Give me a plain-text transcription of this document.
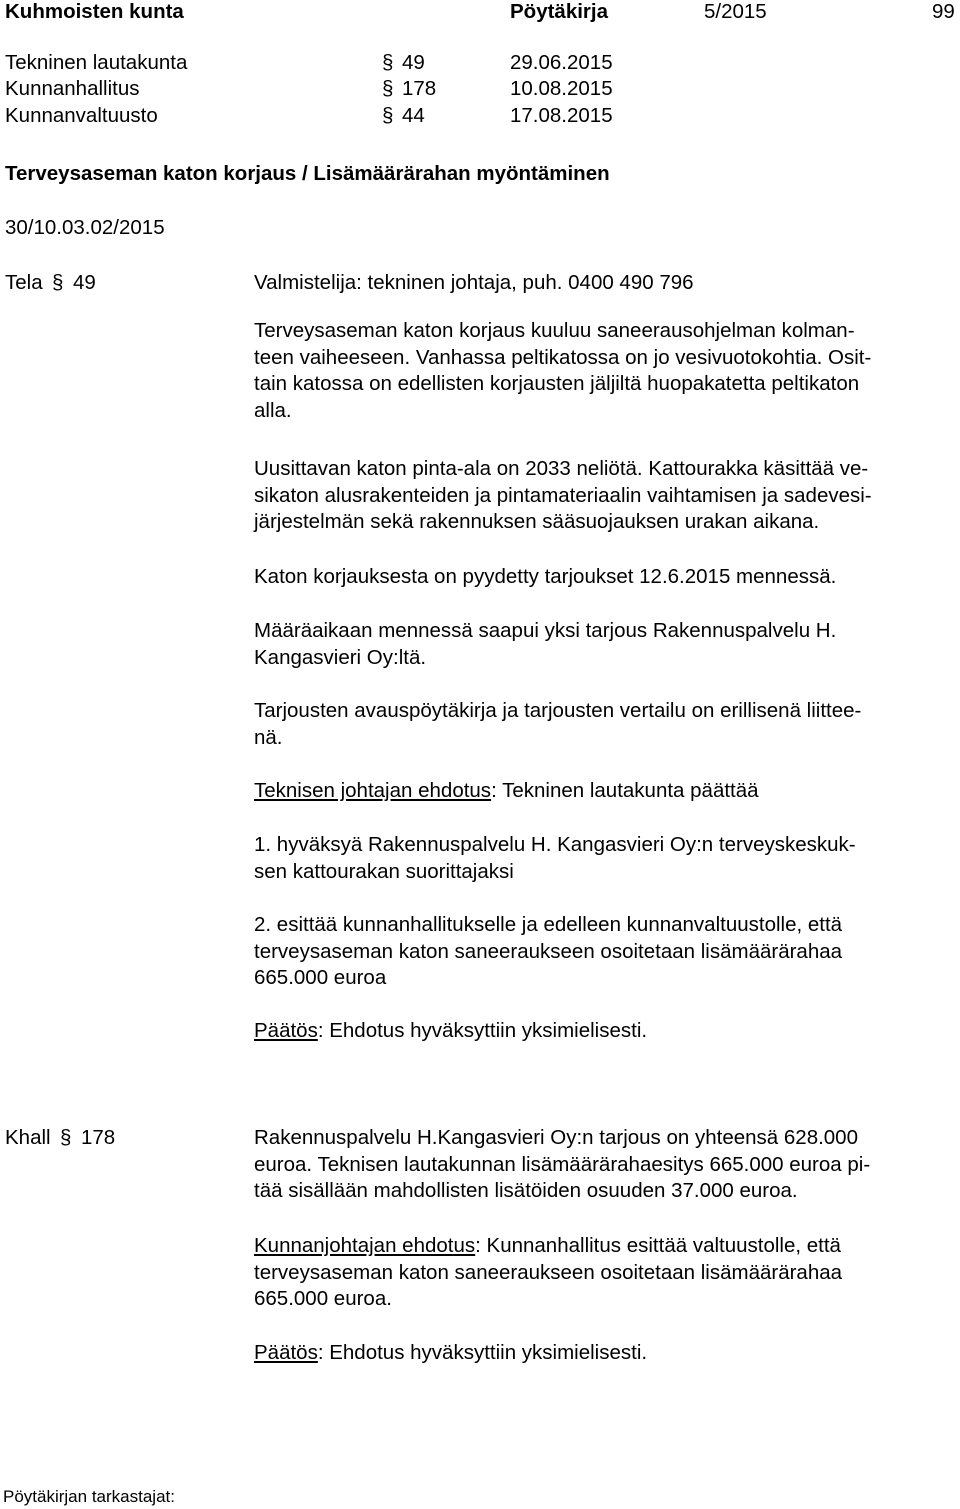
Kuhmoisten kunta	Pöytäkirja	5/2015	99
Tekninen lautakunta	§ 49	29.06.2015
Kunnanhallitus	§ 178	10.08.2015
Kunnanvaltuusto	§ 44	17.08.2015
Terveysaseman katon korjaus / Lisämäärärahan myöntäminen
30/10.03.02/2015
Tela § 49	Valmistelija: tekninen johtaja, puh. 0400 490 796
Terveysaseman katon korjaus kuuluu saneerausohjelman kolman-
teen vaiheeseen. Vanhassa peltikatossa on jo vesivuotokohtia. Osit-
tain katossa on edellisten korjausten jäljiltä huopakatetta peltikaton
alla.
Uusittavan katon pinta-ala on 2033 neliötä. Kattourakka käsittää ve-
sikaton alusrakenteiden ja pintamateriaalin vaihtamisen ja sadevesi-
järjestelmän sekä rakennuksen sääsuojauksen urakan aikana.
Katon korjauksesta on pyydetty tarjoukset 12.6.2015 mennessä.
Määräaikaan mennessä saapui yksi tarjous Rakennuspalvelu H.
Kangasvieri Oy:ltä.
Tarjousten avauspöytäkirja ja tarjousten vertailu on erillisenä liittee-
nä.
Teknisen johtajan ehdotus: Tekninen lautakunta päättää
1. hyväksyä Rakennuspalvelu H. Kangasvieri Oy:n terveyskeskuk-
sen kattourakan suorittajaksi
2. esittää kunnanhallitukselle ja edelleen kunnanvaltuustolle, että
terveysaseman katon saneeraukseen osoitetaan lisämäärärahaa
665.000 euroa
Päätös: Ehdotus hyväksyttiin yksimielisesti.
Khall § 178	Rakennuspalvelu H.Kangasvieri Oy:n tarjous on yhteensä 628.000
euroa. Teknisen lautakunnan lisämäärärahaesitys 665.000 euroa pi-
tää sisällään mahdollisten lisätöiden osuuden 37.000 euroa.
Kunnanjohtajan ehdotus: Kunnanhallitus esittää valtuustolle, että
terveysaseman katon saneeraukseen osoitetaan lisämäärärahaa
665.000 euroa.
Päätös: Ehdotus hyväksyttiin yksimielisesti.
Pöytäkirjan tarkastajat:
